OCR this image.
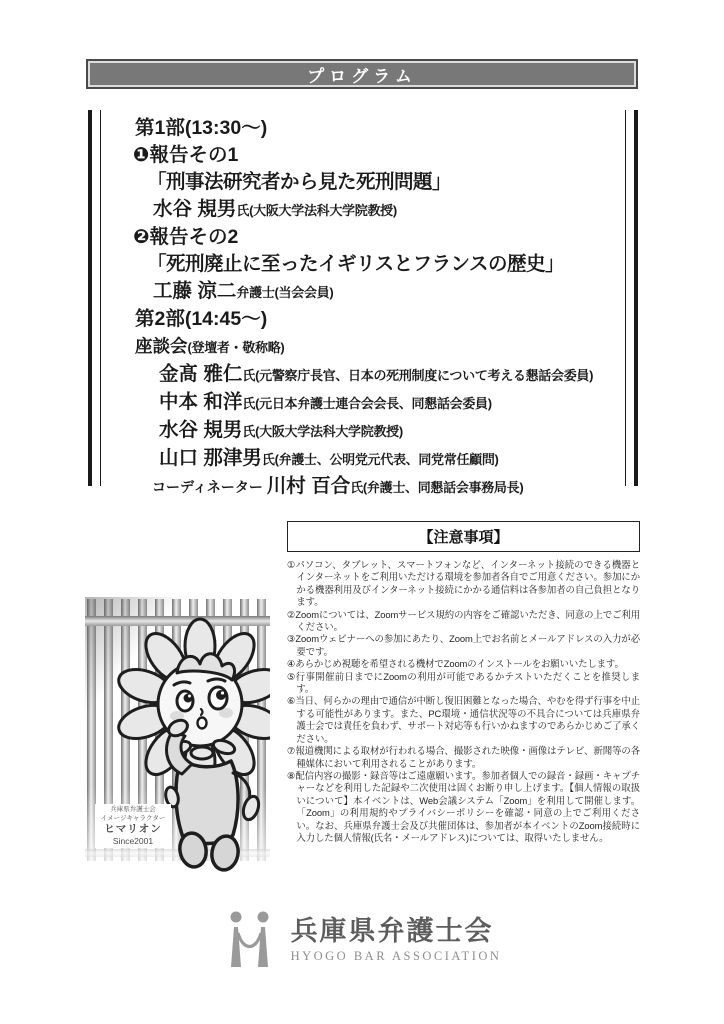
プログラム
第1部(13:30〜)
❶報告その1
「刑事法研究者から見た死刑問題」
水谷 規男氏(大阪大学法科大学院教授)
❷報告その2
「死刑廃止に至ったイギリスとフランスの歴史」
工藤 涼二弁護士(当会会員)
第2部(14:45〜)
座談会(登壇者・敬称略)
金髙 雅仁氏(元警察庁長官、日本の死刑制度について考える懇話会委員)
中本 和洋氏(元日本弁護士連合会会長、同懇話会委員)
水谷 規男氏(大阪大学法科大学院教授)
山口 那津男氏(弁護士、公明党元代表、同党常任顧問)
コーディネーター 川村 百合氏(弁護士、同懇話会事務局長)
【注意事項】
①パソコン、タブレット、スマートフォンなど、インターネット接続のできる機器とインターネットをご利用いただける環境を参加者各自でご用意ください。参加にかかる機器利用及びインターネット接続にかかる通信料は各参加者の自己負担となります。
②Zoomについては、Zoomサービス規約の内容をご確認いただき、同意の上でご利用ください。
③Zoomウェビナーへの参加にあたり、Zoom上でお名前とメールアドレスの入力が必要です。
④あらかじめ視聴を希望される機材でZoomのインストールをお願いいたします。
⑤行事開催前日までにZoomの利用が可能であるかテストいただくことを推奨します。
⑥当日、何らかの理由で通信が中断し復旧困難となった場合、やむを得ず行事を中止する可能性があります。また、PC環境・通信状況等の不具合については兵庫県弁護士会では責任を負わず、サポート対応等も行いかねますのであらかじめご了承ください。
⑦報道機関による取材が行われる場合、撮影された映像・画像はテレビ、新聞等の各種媒体において利用されることがあります。
⑧配信内容の撮影・録音等はご遠慮願います。参加者個人での録音・録画・キャプチャーなどを利用した記録や二次使用は固くお断り申し上げます。【個人情報の取扱いについて】本イベントは、Web会議システム「Zoom」を利用して開催します。「Zoom」の利用規約やプライバシーポリシーを確認・同意の上でご利用ください。なお、兵庫県弁護士会及び共催団体は、参加者が本イベントのZoom接続時に入力した個人情報(氏名・メールアドレス)については、取得いたしません。
兵庫県弁護士会
イメージキャラクター
ヒマリオン
Since2001
兵庫県弁護士会
HYOGO BAR ASSOCIATION
